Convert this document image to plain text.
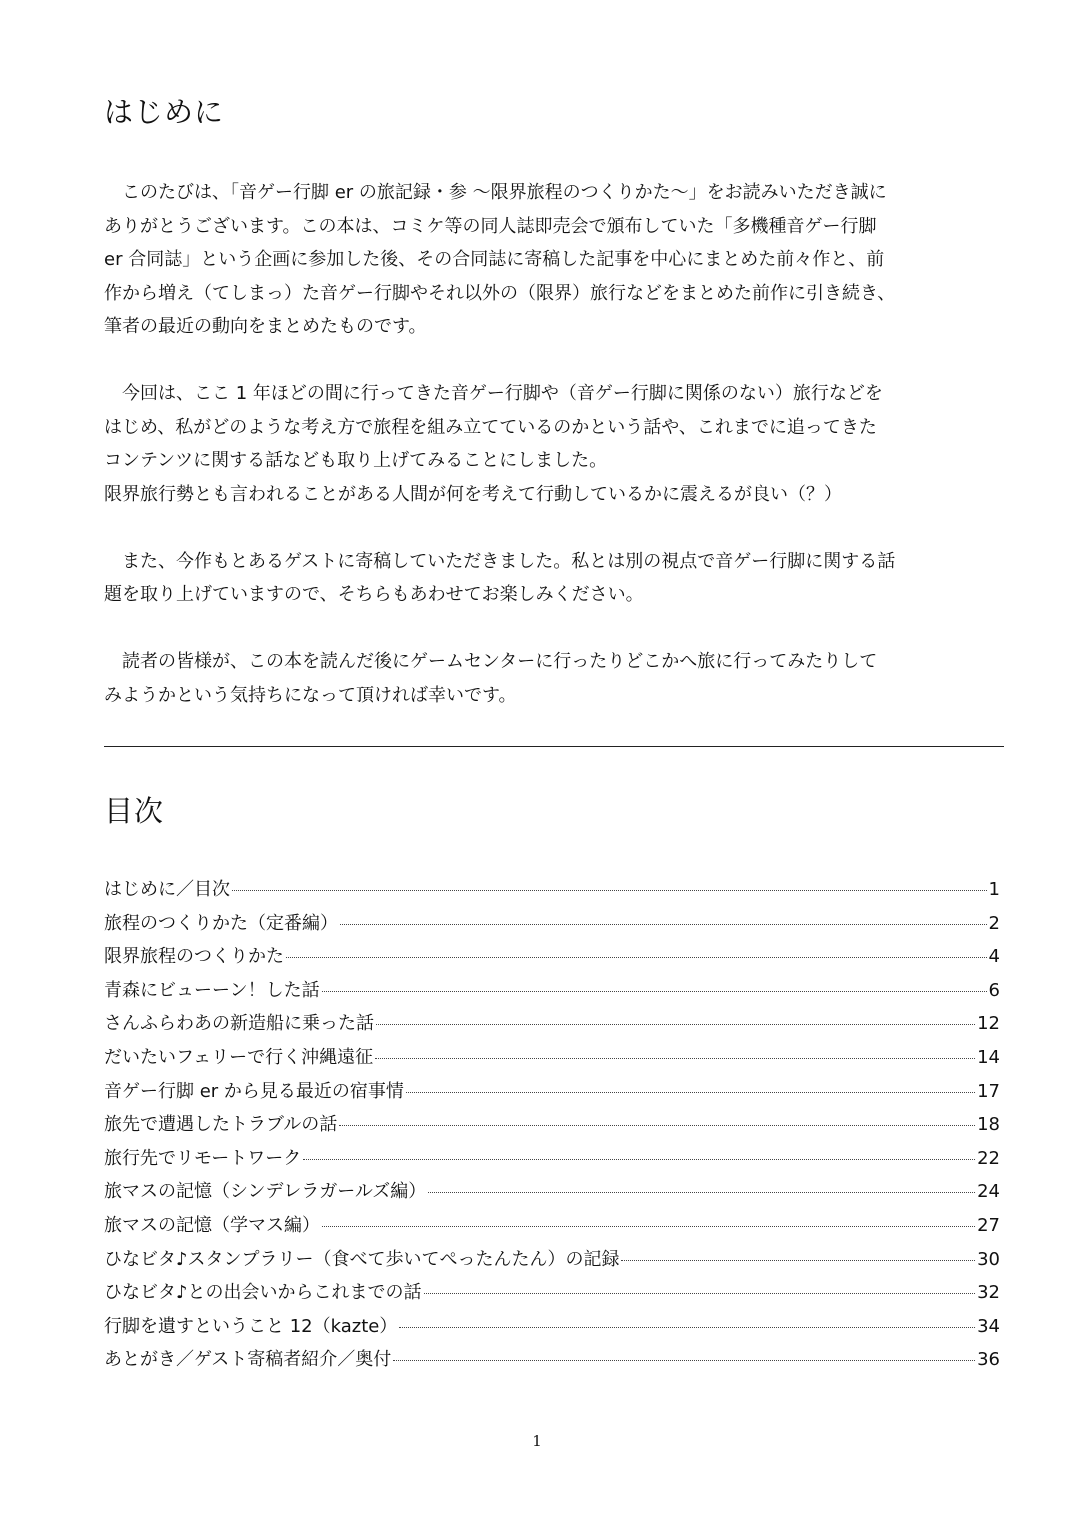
はじめに

　このたびは、「音ゲー行脚 er の旅記録・参 ～限界旅程のつくりかた～」をお読みいただき誠に
ありがとうございます。この本は、コミケ等の同人誌即売会で頒布していた「多機種音ゲー行脚
er 合同誌」という企画に参加した後、その合同誌に寄稿した記事を中心にまとめた前々作と、前
作から増え（てしまっ）た音ゲー行脚やそれ以外の（限界）旅行などをまとめた前作に引き続き、
筆者の最近の動向をまとめたものです。

　今回は、ここ 1 年ほどの間に行ってきた音ゲー行脚や（音ゲー行脚に関係のない）旅行などを
はじめ、私がどのような考え方で旅程を組み立てているのかという話や、これまでに追ってきた
コンテンツに関する話なども取り上げてみることにしました。
限界旅行勢とも言われることがある人間が何を考えて行動しているかに震えるが良い（？）

　また、今作もとあるゲストに寄稿していただきました。私とは別の視点で音ゲー行脚に関する話
題を取り上げていますので、そちらもあわせてお楽しみください。

　読者の皆様が、この本を読んだ後にゲームセンターに行ったりどこかへ旅に行ってみたりして
みようかという気持ちになって頂ければ幸いです。

目次
はじめに／目次	1
旅程のつくりかた（定番編）	2
限界旅程のつくりかた	4
青森にビューーン！した話	6
さんふらわあの新造船に乗った話	12
だいたいフェリーで行く沖縄遠征	14
音ゲー行脚 er から見る最近の宿事情	17
旅先で遭遇したトラブルの話	18
旅行先でリモートワーク	22
旅マスの記憶（シンデレラガールズ編）	24
旅マスの記憶（学マス編）	27
ひなビタ♪スタンプラリー（食べて歩いてぺったんたん）の記録	30
ひなビタ♪との出会いからこれまでの話	32
行脚を遺すということ 12（kazte）	34
あとがき／ゲスト寄稿者紹介／奥付	36
1
